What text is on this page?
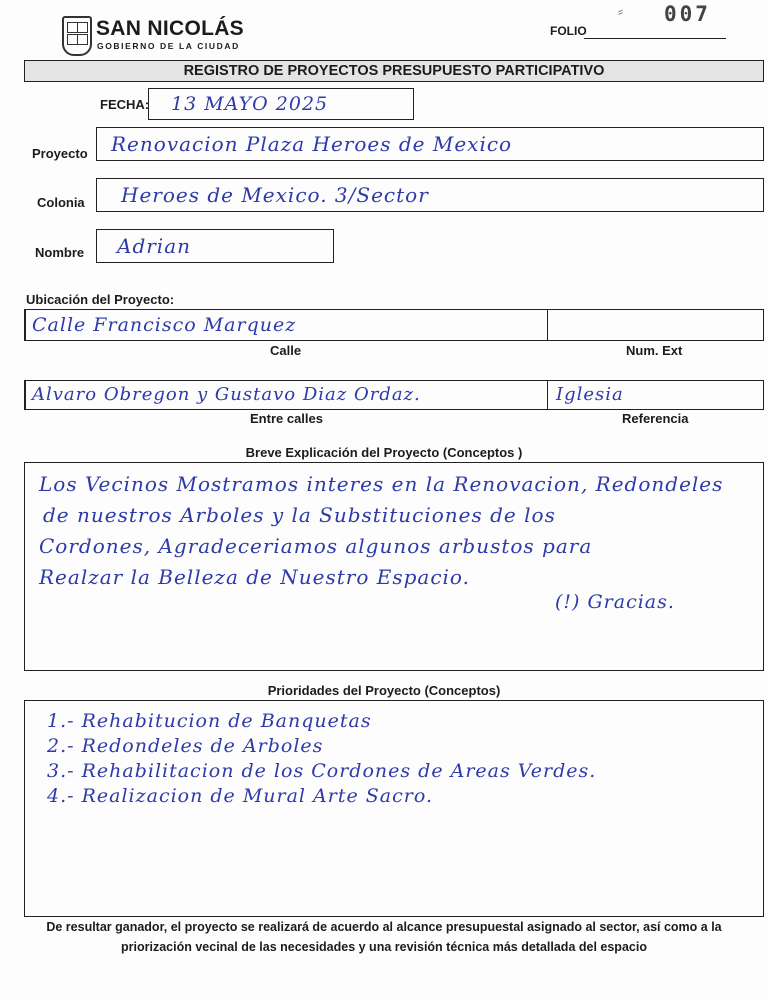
SAN NICOLÁS
GOBIERNO DE LA CIUDAD
⸗ 007
FOLIO
REGISTRO DE PROYECTOS PRESUPUESTO PARTICIPATIVO
FECHA: 13 MAYO 2025
Proyecto Renovacion Plaza Heroes de Mexico
Colonia Heroes de Mexico. 3/Sector
Nombre Adrian
Ubicación del Proyecto:
Calle Francisco Marquez
Calle	Num. Ext
Alvaro Obregon y Gustavo Diaz Ordaz.	Iglesia
Entre calles	Referencia
Breve Explicación del Proyecto (Conceptos )
Los Vecinos Mostramos interes en la Renovacion, Redondeles
de nuestros Arboles y la Substituciones de los
Cordones, Agradeceriamos algunos arbustos para
Realzar la Belleza de Nuestro Espacio.
(!) Gracias.
Prioridades del Proyecto (Conceptos)
1.- Rehabitucion de Banquetas
2.- Redondeles de Arboles
3.- Rehabilitacion de los Cordones de Areas Verdes.
4.- Realizacion de Mural Arte Sacro.
De resultar ganador, el proyecto se realizará de acuerdo al alcance presupuestal asignado al sector, así como a la
priorización vecinal de las necesidades y una revisión técnica más detallada del espacio
